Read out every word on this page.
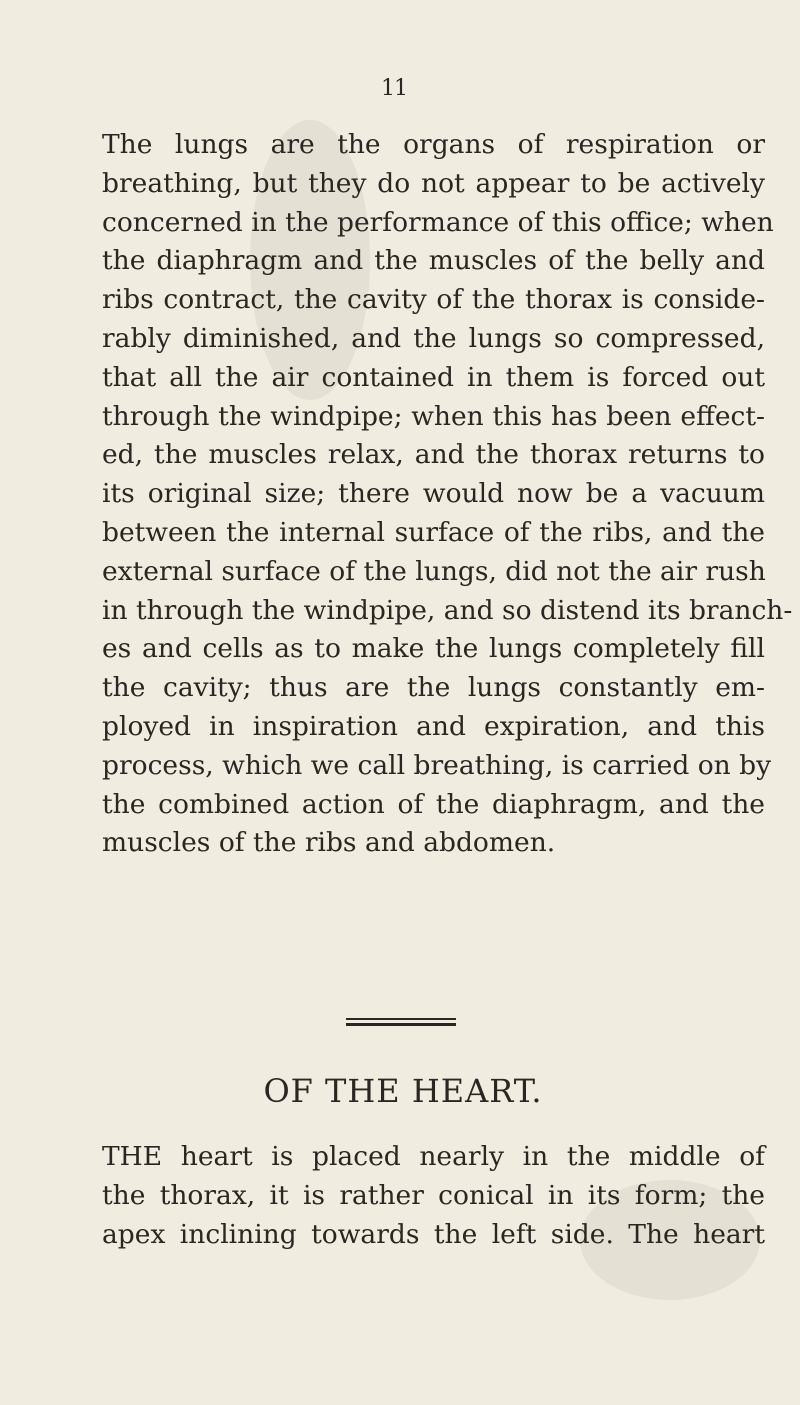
11
The lungs are the organs of respiration or
breathing, but they do not appear to be actively
concerned in the performance of this office; when
the diaphragm and the muscles of the belly and
ribs contract, the cavity of the thorax is conside-
rably diminished, and the lungs so compressed,
that all the air contained in them is forced out
through the windpipe; when this has been effect-
ed, the muscles relax, and the thorax returns to
its original size; there would now be a vacuum
between the internal surface of the ribs, and the
external surface of the lungs, did not the air rush
in through the windpipe, and so distend its branch-
es and cells as to make the lungs completely fill
the cavity; thus are the lungs constantly em-
ployed in inspiration and expiration, and this
process, which we call breathing, is carried on by
the combined action of the diaphragm, and the
muscles of the ribs and abdomen.
OF THE HEART.
THE heart is placed nearly in the middle of
the thorax, it is rather conical in its form; the
apex inclining towards the left side. The heart
